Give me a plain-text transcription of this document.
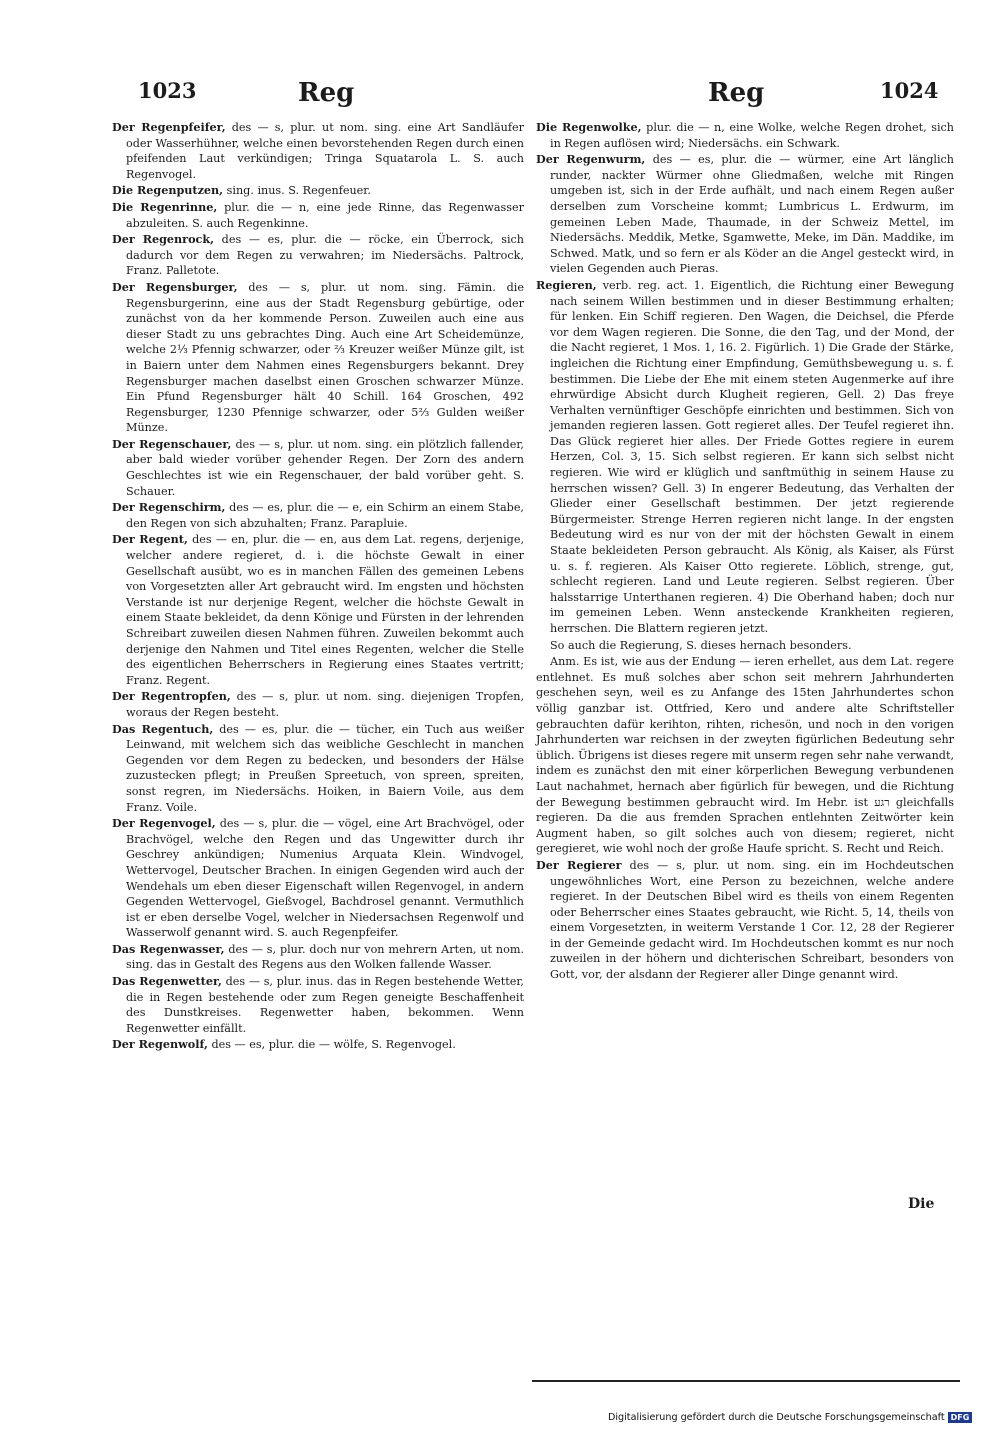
1023	Reg	Reg	1024

Der Regenpfeifer, des — s, plur. ut nom. sing. eine Art Sandläufer oder Wasserhühner, welche einen bevorstehenden Regen durch einen pfeifenden Laut verkündigen; Tringa Squatarola L. S. auch Regenvogel.

Die Regenputzen, sing. inus. S. Regenfeuer.

Die Regenrinne, plur. die — n, eine jede Rinne, das Regenwasser abzuleiten. S. auch Regenkinne.

Der Regenrock, des — es, plur. die — röcke, ein Überrock, sich dadurch vor dem Regen zu verwahren; im Niedersächs. Paltrock, Franz. Palletote.

Der Regensburger, des — s, plur. ut nom. sing. Fämin. die Regensburgerinn, eine aus der Stadt Regensburg gebürtige, oder zunächst von da her kommende Person. Zuweilen auch eine aus dieser Stadt zu uns gebrachtes Ding. Auch eine Art Scheidemünze, welche 2⅓ Pfennig schwarzer, oder ⅔ Kreuzer weißer Münze gilt, ist in Baiern unter dem Nahmen eines Regensburgers bekannt. Drey Regensburger machen daselbst einen Groschen schwarzer Münze. Ein Pfund Regensburger hält 40 Schill. 164 Groschen, 492 Regensburger, 1230 Pfennige schwarzer, oder 5⅔ Gulden weißer Münze.

Der Regenschauer, des — s, plur. ut nom. sing. ein plötzlich fallender, aber bald wieder vorüber gehender Regen. Der Zorn des andern Geschlechtes ist wie ein Regenschauer, der bald vorüber geht. S. Schauer.

Der Regenschirm, des — es, plur. die — e, ein Schirm an einem Stabe, den Regen von sich abzuhalten; Franz. Parapluie.

Der Regent, des — en, plur. die — en, aus dem Lat. regens, derjenige, welcher andere regieret, d. i. die höchste Gewalt in einer Gesellschaft ausübt, wo es in manchen Fällen des gemeinen Lebens von Vorgesetzten aller Art gebraucht wird. Im engsten und höchsten Verstande ist nur derjenige Regent, welcher die höchste Gewalt in einem Staate bekleidet, da denn Könige und Fürsten in der lehrenden Schreibart zuweilen diesen Nahmen führen. Zuweilen bekommt auch derjenige den Nahmen und Titel eines Regenten, welcher die Stelle des eigentlichen Beherrschers in Regierung eines Staates vertritt; Franz. Regent.

Der Regentropfen, des — s, plur. ut nom. sing. diejenigen Tropfen, woraus der Regen besteht.

Das Regentuch, des — es, plur. die — tücher, ein Tuch aus weißer Leinwand, mit welchem sich das weibliche Geschlecht in manchen Gegenden vor dem Regen zu bedecken, und besonders der Hälse zuzustecken pflegt; in Preußen Spreetuch, von spreen, spreiten, sonst regren, im Niedersächs. Hoiken, in Baiern Voile, aus dem Franz. Voile.

Der Regenvogel, des — s, plur. die — vögel, eine Art Brachvögel, oder Brachvögel, welche den Regen und das Ungewitter durch ihr Geschrey ankündigen; Numenius Arquata Klein. Windvogel, Wettervogel, Deutscher Brachen. In einigen Gegenden wird auch der Wendehals um eben dieser Eigenschaft willen Regenvogel, in andern Gegenden Wettervogel, Gießvogel, Bachdrosel genannt. Vermuthlich ist er eben derselbe Vogel, welcher in Niedersachsen Regenwolf und Wasserwolf genannt wird. S. auch Regenpfeifer.

Das Regenwasser, des — s, plur. doch nur von mehrern Arten, ut nom. sing. das in Gestalt des Regens aus den Wolken fallende Wasser.

Das Regenwetter, des — s, plur. inus. das in Regen bestehende Wetter, die in Regen bestehende oder zum Regen geneigte Beschaffenheit des Dunstkreises. Regenwetter haben, bekommen. Wenn Regenwetter einfällt.

Der Regenwolf, des — es, plur. die — wölfe, S. Regenvogel.

Die Regenwolke, plur. die — n, eine Wolke, welche Regen drohet, sich in Regen auflösen wird; Niedersächs. ein Schwark.

Der Regenwurm, des — es, plur. die — würmer, eine Art länglich runder, nackter Würmer ohne Gliedmaßen, welche mit Ringen umgeben ist, sich in der Erde aufhält, und nach einem Regen außer derselben zum Vorscheine kommt; Lumbricus L. Erdwurm, im gemeinen Leben Made, Thaumade, in der Schweiz Mettel, im Niedersächs. Meddik, Metke, Sgamwette, Meke, im Dän. Maddike, im Schwed. Matk, und so fern er als Köder an die Angel gesteckt wird, in vielen Gegenden auch Pieras.

Regieren, verb. reg. act. 1. Eigentlich, die Richtung einer Bewegung nach seinem Willen bestimmen und in dieser Bestimmung erhalten; für lenken. Ein Schiff regieren. Den Wagen, die Deichsel, die Pferde vor dem Wagen regieren. Die Sonne, die den Tag, und der Mond, der die Nacht regieret, 1 Mos. 1, 16. 2. Figürlich. 1) Die Grade der Stärke, ingleichen die Richtung einer Empfindung, Gemüthsbewegung u. s. f. bestimmen. Die Liebe der Ehe mit einem steten Augenmerke auf ihre ehrwürdige Absicht durch Klugheit regieren, Gell. 2) Das freye Verhalten vernünftiger Geschöpfe einrichten und bestimmen. Sich von jemanden regieren lassen. Gott regieret alles. Der Teufel regieret ihn. Das Glück regieret hier alles. Der Friede Gottes regiere in eurem Herzen, Col. 3, 15. Sich selbst regieren. Er kann sich selbst nicht regieren. Wie wird er klüglich und sanftmüthig in seinem Hause zu herrschen wissen? Gell. 3) In engerer Bedeutung, das Verhalten der Glieder einer Gesellschaft bestimmen. Der jetzt regierende Bürgermeister. Strenge Herren regieren nicht lange. In der engsten Bedeutung wird es nur von der mit der höchsten Gewalt in einem Staate bekleideten Person gebraucht. Als König, als Kaiser, als Fürst u. s. f. regieren. Als Kaiser Otto regierete. Löblich, strenge, gut, schlecht regieren. Land und Leute regieren. Selbst regieren. Über halsstarrige Unterthanen regieren. 4) Die Oberhand haben; doch nur im gemeinen Leben. Wenn ansteckende Krankheiten regieren, herrschen. Die Blattern regieren jetzt.

So auch die Regierung, S. dieses hernach besonders.

Anm. Es ist, wie aus der Endung — ieren erhellet, aus dem Lat. regere entlehnet. Es muß solches aber schon seit mehrern Jahrhunderten geschehen seyn, weil es zu Anfange des 15ten Jahrhundertes schon völlig ganzbar ist. Ottfried, Kero und andere alte Schriftsteller gebrauchten dafür kerihton, rihten, richesön, und noch in den vorigen Jahrhunderten war reichsen in der zweyten figürlichen Bedeutung sehr üblich. Übrigens ist dieses regere mit unserm regen sehr nahe verwandt, indem es zunächst den mit einer körperlichen Bewegung verbundenen Laut nachahmet, hernach aber figürlich für bewegen, und die Richtung der Bewegung bestimmen gebraucht wird. Im Hebr. ist רגע gleichfalls regieren. Da die aus fremden Sprachen entlehnten Zeitwörter kein Augment haben, so gilt solches auch von diesem; regieret, nicht geregieret, wie wohl noch der große Haufe spricht. S. Recht und Reich.

Der Regierer des — s, plur. ut nom. sing. ein im Hochdeutschen ungewöhnliches Wort, eine Person zu bezeichnen, welche andere regieret. In der Deutschen Bibel wird es theils von einem Regenten oder Beherrscher eines Staates gebraucht, wie Richt. 5, 14, theils von einem Vorgesetzten, in weiterm Verstande 1 Cor. 12, 28 der Regierer in der Gemeinde gedacht wird. Im Hochdeutschen kommt es nur noch zuweilen in der höhern und dichterischen Schreibart, besonders von Gott, vor, der alsdann der Regierer aller Dinge genannt wird.

Die
Digitalisierung gefördert durch die Deutsche Forschungsgemeinschaft DFG
